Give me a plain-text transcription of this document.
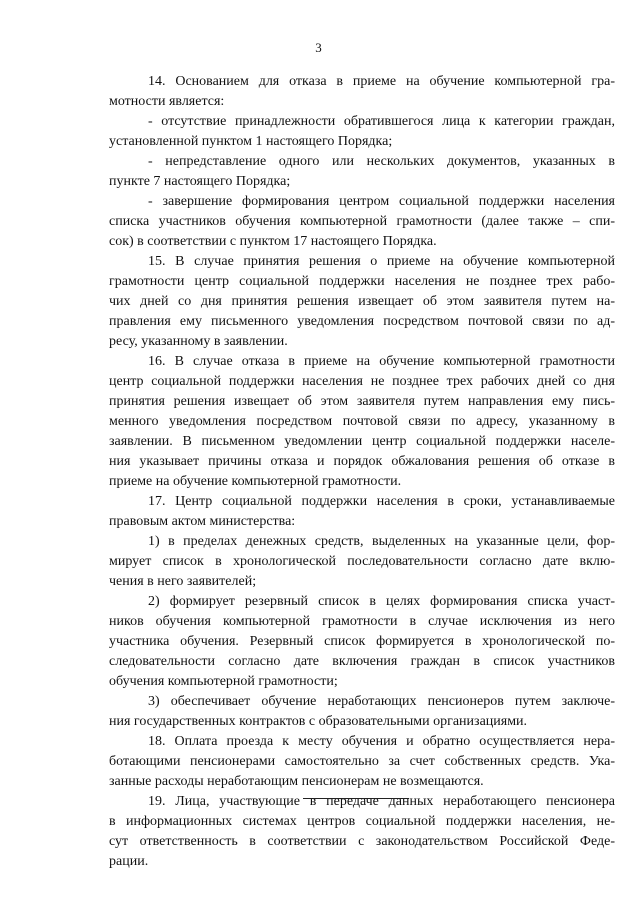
3
14. Основанием для отказа в приеме на обучение компьютерной гра-
мотности является:
- отсутствие принадлежности обратившегося лица к категории граждан,
установленной пунктом 1 настоящего Порядка;
- непредставление одного или нескольких документов, указанных в
пункте 7 настоящего Порядка;
- завершение формирования центром социальной поддержки населения
списка участников обучения компьютерной грамотности (далее также – спи-
сок) в соответствии с пунктом 17 настоящего Порядка.
15. В случае принятия решения о приеме на обучение компьютерной
грамотности центр социальной поддержки населения не позднее трех рабо-
чих дней со дня принятия решения извещает об этом заявителя путем на-
правления ему письменного уведомления посредством почтовой связи по ад-
ресу, указанному в заявлении.
16. В случае отказа в приеме на обучение компьютерной грамотности
центр социальной поддержки населения не позднее трех рабочих дней со дня
принятия решения извещает об этом заявителя путем направления ему пись-
менного уведомления посредством почтовой связи по адресу, указанному в
заявлении. В письменном уведомлении центр социальной поддержки населе-
ния указывает причины отказа и порядок обжалования решения об отказе в
приеме на обучение компьютерной грамотности.
17. Центр социальной поддержки населения в сроки, устанавливаемые
правовым актом министерства:
1) в пределах денежных средств, выделенных на указанные цели, фор-
мирует список в хронологической последовательности согласно дате вклю-
чения в него заявителей;
2) формирует резервный список в целях формирования списка участ-
ников обучения компьютерной грамотности в случае исключения из него
участника обучения. Резервный список формируется в хронологической по-
следовательности согласно дате включения граждан в список участников
обучения компьютерной грамотности;
3) обеспечивает обучение неработающих пенсионеров путем заключе-
ния государственных контрактов с образовательными организациями.
18. Оплата проезда к месту обучения и обратно осуществляется нера-
ботающими пенсионерами самостоятельно за счет собственных средств. Ука-
занные расходы неработающим пенсионерам не возмещаются.
19. Лица, участвующие в передаче данных неработающего пенсионера
в информационных системах центров социальной поддержки населения, не-
сут ответственность в соответствии с законодательством Российской Феде-
рации.
